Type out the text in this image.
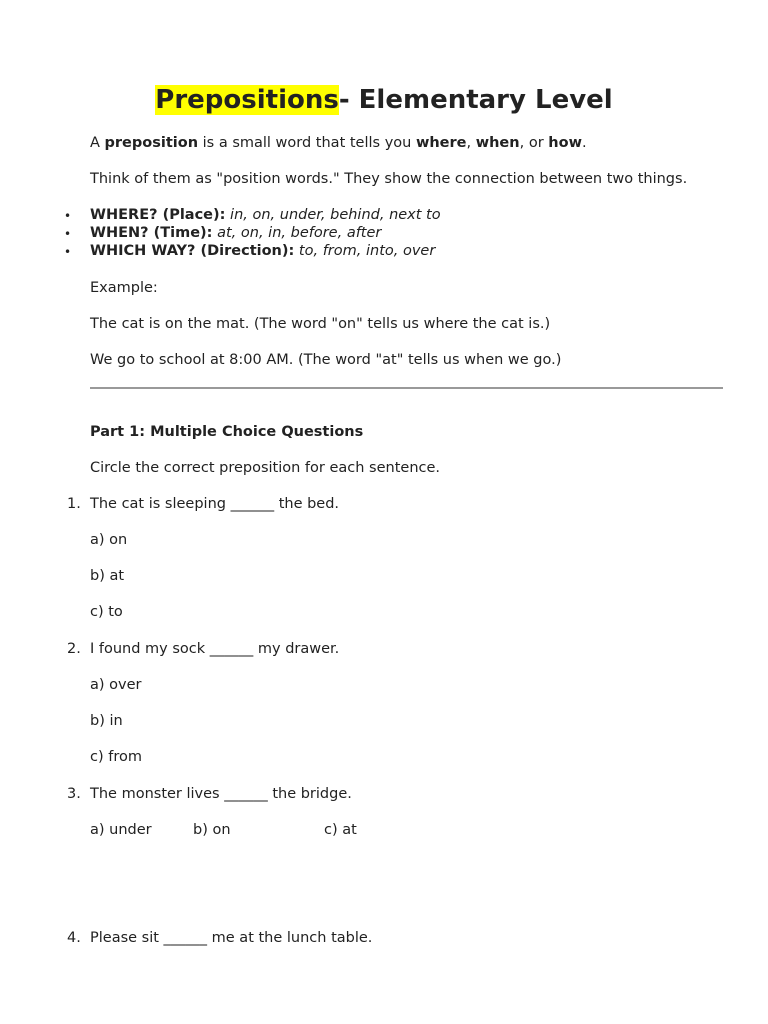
Prepositions- Elementary Level
A preposition is a small word that tells you where, when, or how.
Think of them as "position words." They show the connection between two things.
• WHERE? (Place): in, on, under, behind, next to
• WHEN? (Time): at, on, in, before, after
• WHICH WAY? (Direction): to, from, into, over
Example:
The cat is on the mat. (The word "on" tells us where the cat is.)
We go to school at 8:00 AM. (The word "at" tells us when we go.)
Part 1: Multiple Choice Questions
Circle the correct preposition for each sentence.
1. The cat is sleeping ______ the bed.
a) on
b) at
c) to
2. I found my sock ______ my drawer.
a) over
b) in
c) from
3. The monster lives ______ the bridge.
a) under	b) on	c) at
4. Please sit ______ me at the lunch table.
